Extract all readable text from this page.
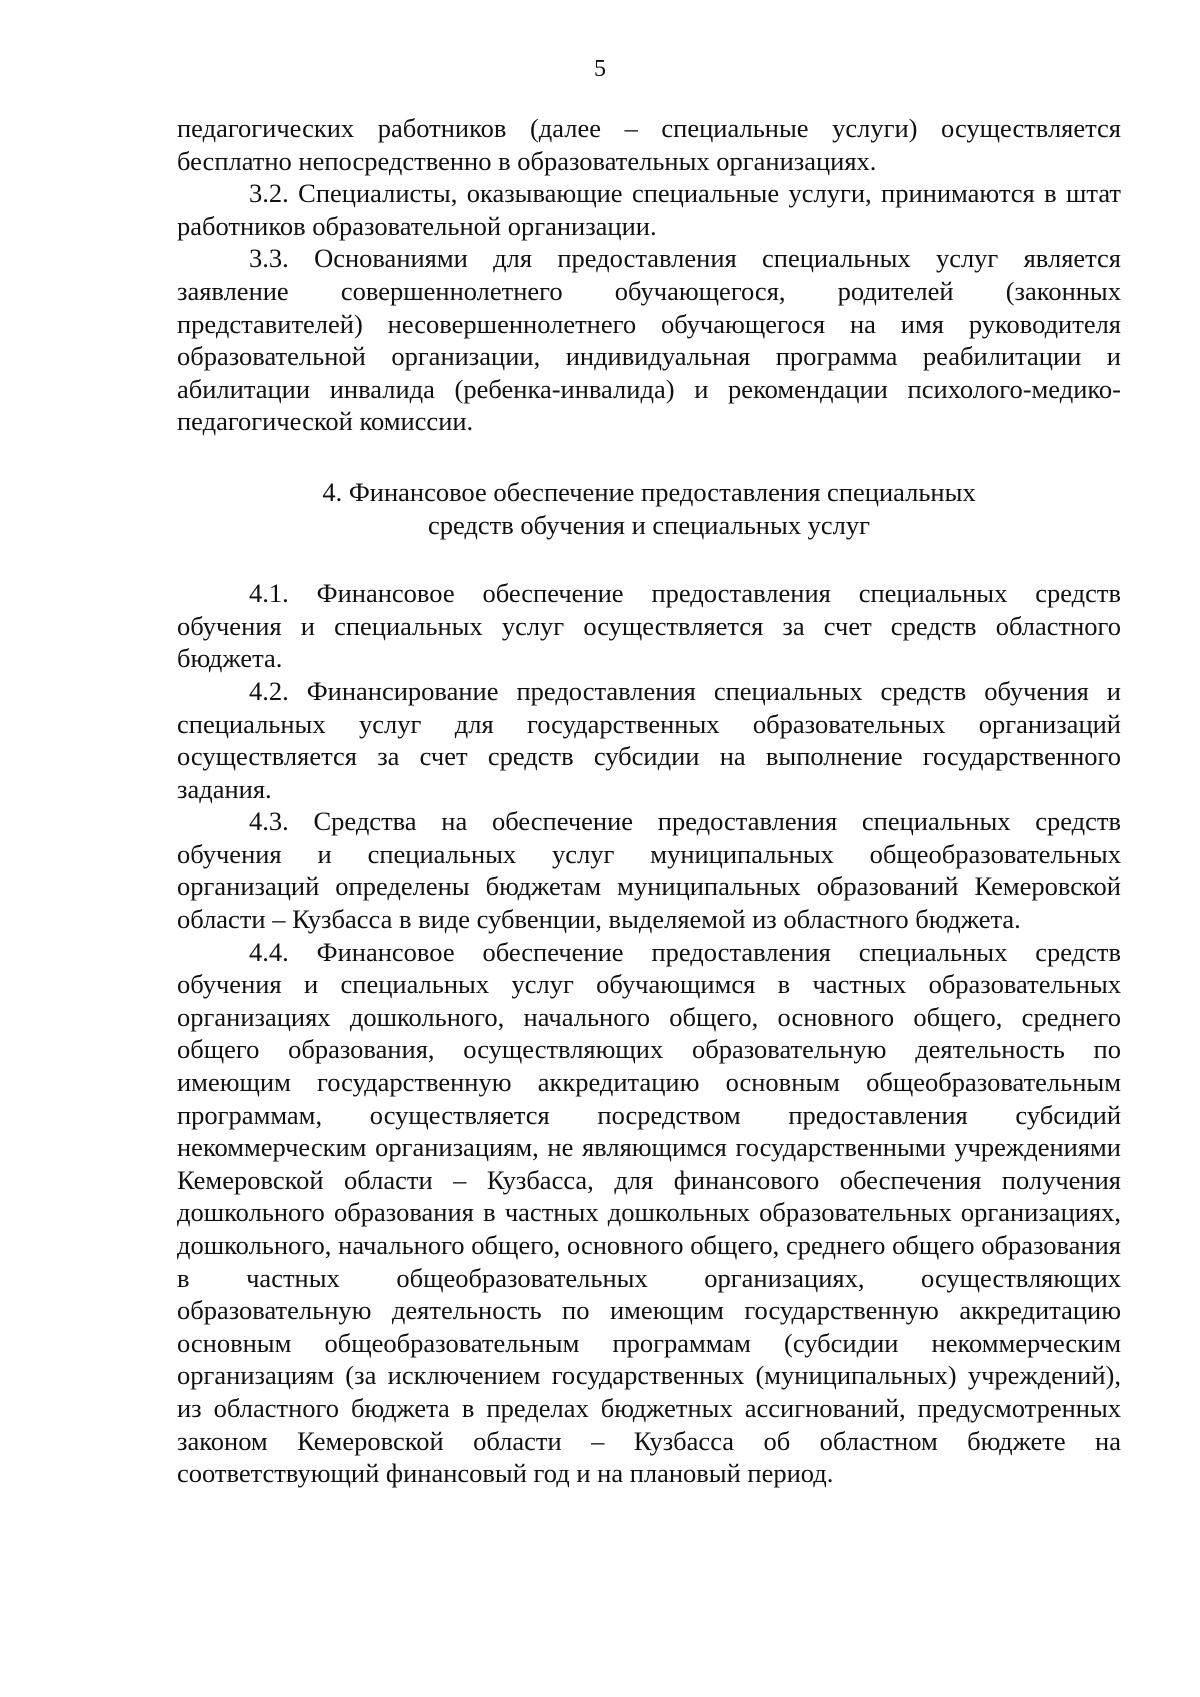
5

педагогических работников (далее – специальные услуги) осуществляется бесплатно непосредственно в образовательных организациях.

3.2. Специалисты, оказывающие специальные услуги, принимаются в штат работников образовательной организации.

3.3. Основаниями для предоставления специальных услуг является заявление совершеннолетнего обучающегося, родителей (законных представителей) несовершеннолетнего обучающегося на имя руководителя образовательной организации, индивидуальная программа реабилитации и абилитации инвалида (ребенка-инвалида) и рекомендации психолого-медико-педагогической комиссии.

4. Финансовое обеспечение предоставления специальных
средств обучения и специальных услуг

4.1. Финансовое обеспечение предоставления специальных средств обучения и специальных услуг осуществляется за счет средств областного бюджета.

4.2. Финансирование предоставления специальных средств обучения и специальных услуг для государственных образовательных организаций осуществляется за счет средств субсидии на выполнение государственного задания.

4.3. Средства на обеспечение предоставления специальных средств обучения и специальных услуг муниципальных общеобразовательных организаций определены бюджетам муниципальных образований Кемеровской области – Кузбасса в виде субвенции, выделяемой из областного бюджета.

4.4. Финансовое обеспечение предоставления специальных средств обучения и специальных услуг обучающимся в частных образовательных организациях дошкольного, начального общего, основного общего, среднего общего образования, осуществляющих образовательную деятельность по имеющим государственную аккредитацию основным общеобразовательным программам, осуществляется посредством предоставления субсидий некоммерческим организациям, не являющимся государственными учреждениями Кемеровской области – Кузбасса, для финансового обеспечения получения дошкольного образования в частных дошкольных образовательных организациях, дошкольного, начального общего, основного общего, среднего общего образования в частных общеобразовательных организациях, осуществляющих образовательную деятельность по имеющим государственную аккредитацию основным общеобразовательным программам (субсидии некоммерческим организациям (за исключением государственных (муниципальных) учреждений), из областного бюджета в пределах бюджетных ассигнований, предусмотренных законом Кемеровской области – Кузбасса об областном бюджете на соответствующий финансовый год и на плановый период.
